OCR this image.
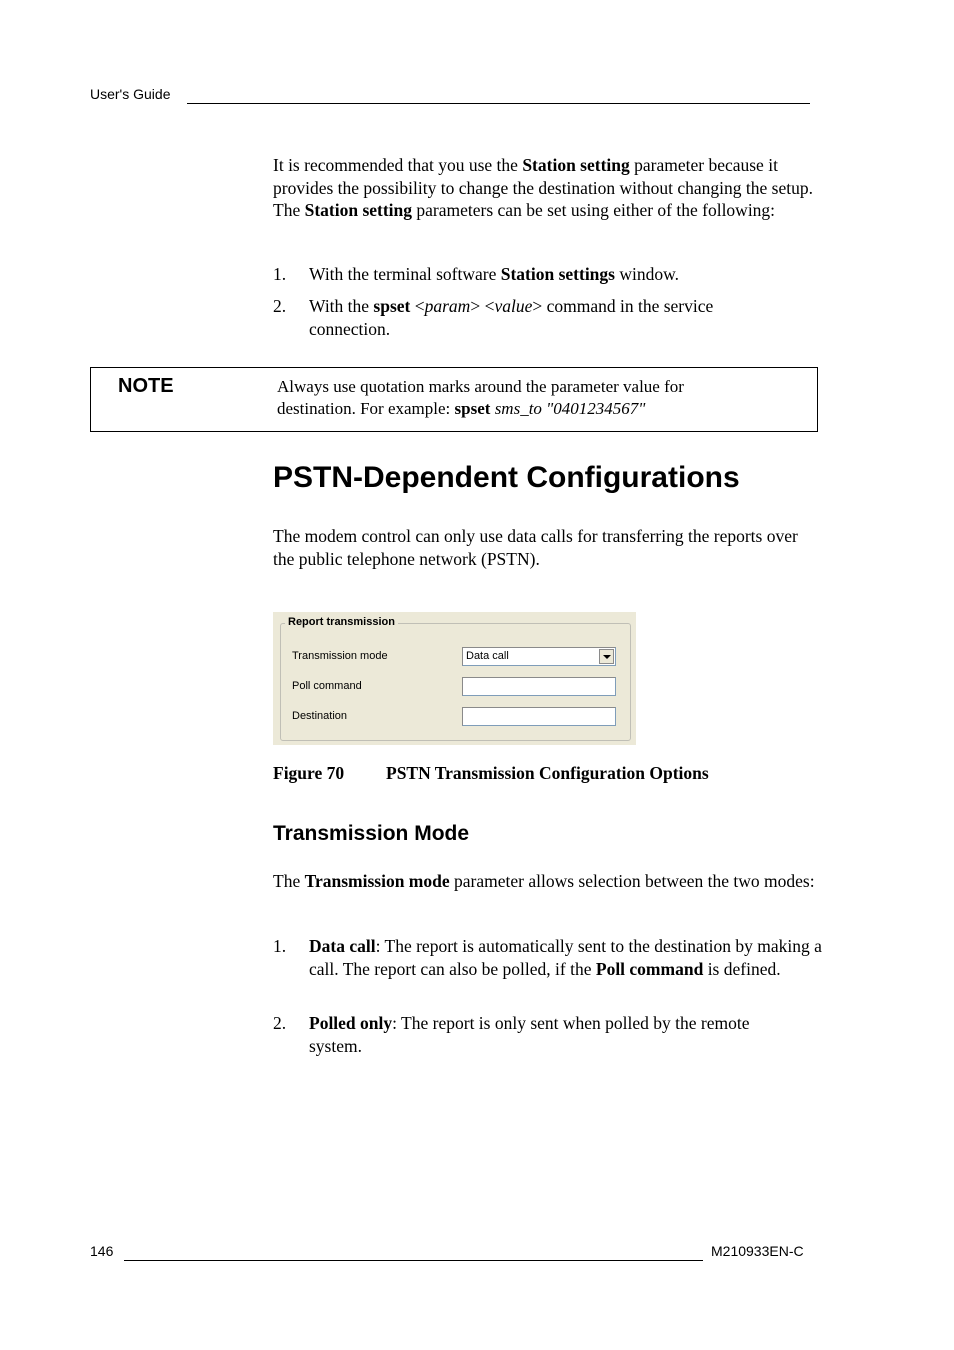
User's Guide
It is recommended that you use the Station setting parameter because it provides the possibility to change the destination without changing the setup. The Station setting parameters can be set using either of the following:
1. With the terminal software Station settings window.
2. With the spset <param> <value> command in the service connection.
NOTE	Always use quotation marks around the parameter value for destination. For example: spset sms_to "0401234567"
PSTN-Dependent Configurations
The modem control can only use data calls for transferring the reports over the public telephone network (PSTN).
Report transmission
Transmission mode	Data call
Poll command
Destination
Figure 70 PSTN Transmission Configuration Options
Transmission Mode
The Transmission mode parameter allows selection between the two modes:
1. Data call: The report is automatically sent to the destination by making a call. The report can also be polled, if the Poll command is defined.
2. Polled only: The report is only sent when polled by the remote system.
146	M210933EN-C
